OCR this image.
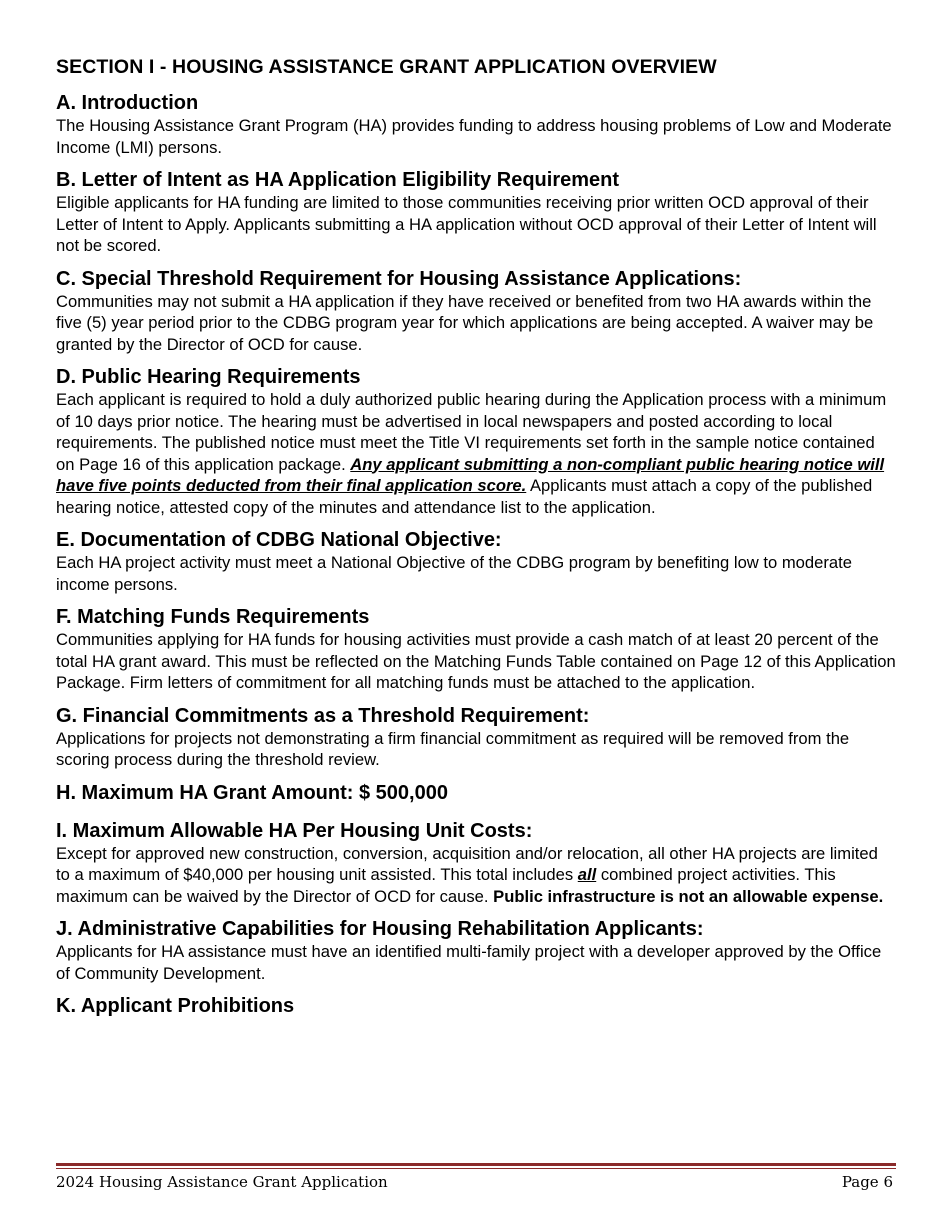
SECTION I - HOUSING ASSISTANCE GRANT APPLICATION OVERVIEW
A. Introduction

The Housing Assistance Grant Program (HA) provides funding to address housing problems of Low and Moderate Income (LMI) persons.

B. Letter of Intent as HA Application Eligibility Requirement

Eligible applicants for HA funding are limited to those communities receiving prior written OCD approval of their Letter of Intent to Apply. Applicants submitting a HA application without OCD approval of their Letter of Intent will not be scored.

C. Special Threshold Requirement for Housing Assistance Applications:

Communities may not submit a HA application if they have received or benefited from two HA awards within the five (5) year period prior to the CDBG program year for which applications are being accepted. A waiver may be granted by the Director of OCD for cause.

D. Public Hearing Requirements

Each applicant is required to hold a duly authorized public hearing during the Application process with a minimum of 10 days prior notice. The hearing must be advertised in local newspapers and posted according to local requirements. The published notice must meet the Title VI requirements set forth in the sample notice contained on Page 16 of this application package. Any applicant submitting a non-compliant public hearing notice will have five points deducted from their final application score. Applicants must attach a copy of the published hearing notice, attested copy of the minutes and attendance list to the application.

E. Documentation of CDBG National Objective:

Each HA project activity must meet a National Objective of the CDBG program by benefiting low to moderate income persons.

F. Matching Funds Requirements

Communities applying for HA funds for housing activities must provide a cash match of at least 20 percent of the total HA grant award. This must be reflected on the Matching Funds Table contained on Page 12 of this Application Package. Firm letters of commitment for all matching funds must be attached to the application.

G. Financial Commitments as a Threshold Requirement:

Applications for projects not demonstrating a firm financial commitment as required will be removed from the scoring process during the threshold review.

H. Maximum HA Grant Amount: $ 500,000
I. Maximum Allowable HA Per Housing Unit Costs:

Except for approved new construction, conversion, acquisition and/or relocation, all other HA projects are limited to a maximum of $40,000 per housing unit assisted. This total includes all combined project activities. This maximum can be waived by the Director of OCD for cause. Public infrastructure is not an allowable expense.

J. Administrative Capabilities for Housing Rehabilitation Applicants:

Applicants for HA assistance must have an identified multi-family project with a developer approved by the Office of Community Development.

K. Applicant Prohibitions
2024 Housing Assistance Grant Application	Page 6
